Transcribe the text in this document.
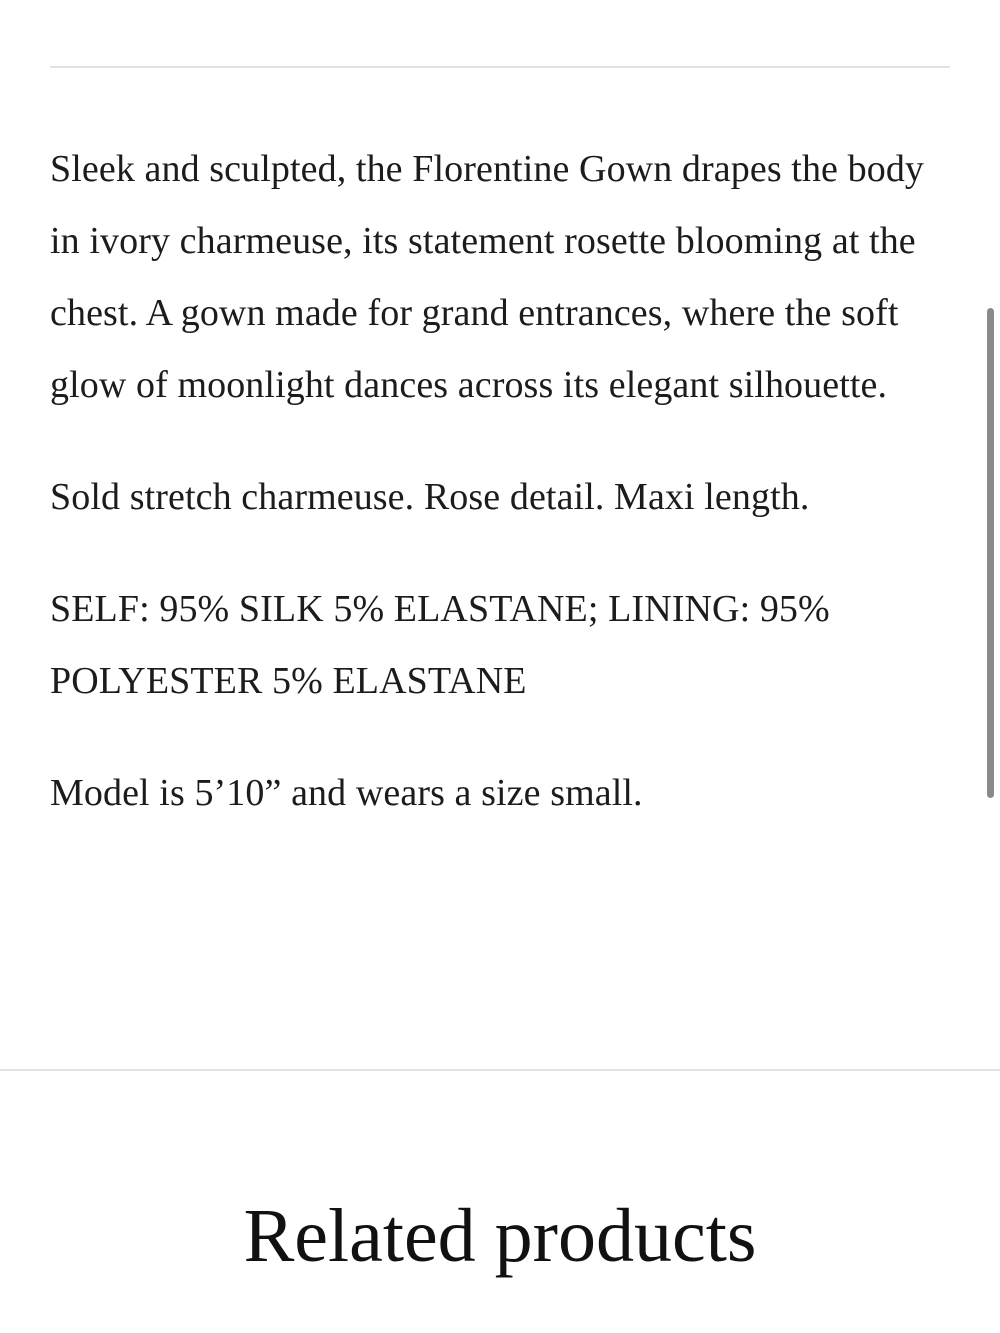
Sleek and sculpted, the Florentine Gown drapes the body in ivory charmeuse, its statement rosette blooming at the chest. A gown made for grand entrances, where the soft glow of moonlight dances across its elegant silhouette.

Sold stretch charmeuse. Rose detail. Maxi length.

SELF: 95% SILK 5% ELASTANE; LINING: 95% POLYESTER 5% ELASTANE

Model is 5’10” and wears a size small.

Related products
